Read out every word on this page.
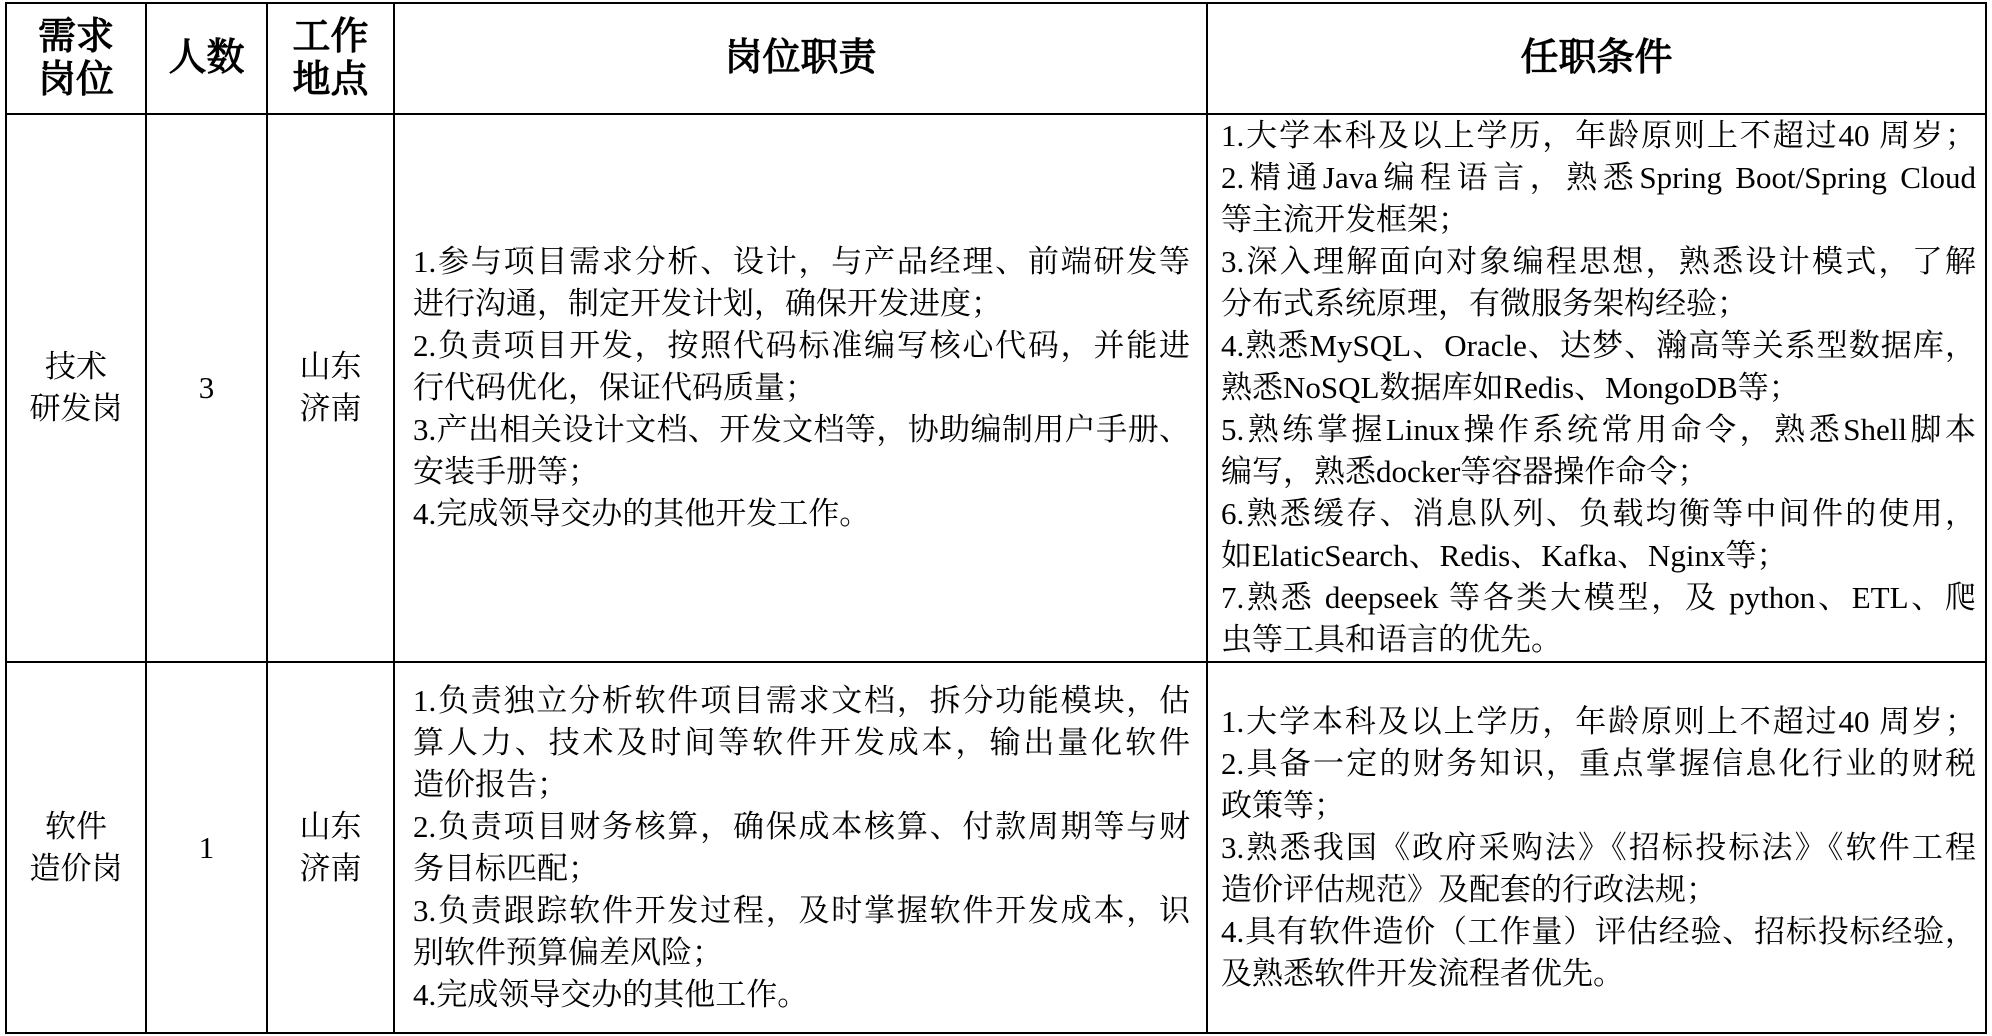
需求
岗位
人数
工作
地点
岗位职责	任职条件
技术
研发岗
3
山东
济南
1.参与项目需求分析、设计，与产品经理、前端研发等
进行沟通，制定开发计划，确保开发进度；
2.负责项目开发，按照代码标准编写核心代码，并能进
行代码优化，保证代码质量；
3.产出相关设计文档、开发文档等，协助编制用户手册、
安装手册等；
4.完成领导交办的其他开发工作。
1.大学本科及以上学历，年龄原则上不超过40 周岁；
2.精通Java编程语言，熟悉Spring Boot/Spring Cloud
等主流开发框架；
3.深入理解面向对象编程思想，熟悉设计模式，了解
分布式系统原理，有微服务架构经验；
4.熟悉MySQL、Oracle、达梦、瀚高等关系型数据库，
熟悉NoSQL数据库如Redis、MongoDB等；
5.熟练掌握Linux操作系统常用命令，熟悉Shell脚本
编写，熟悉docker等容器操作命令；
6.熟悉缓存、消息队列、负载均衡等中间件的使用，
如ElaticSearch、Redis、Kafka、Nginx等；
7.熟悉 deepseek 等各类大模型，及 python、ETL、爬
虫等工具和语言的优先。
软件
造价岗
1
山东
济南
1.负责独立分析软件项目需求文档，拆分功能模块，估
算人力、技术及时间等软件开发成本，输出量化软件
造价报告；
2.负责项目财务核算，确保成本核算、付款周期等与财
务目标匹配；
3.负责跟踪软件开发过程，及时掌握软件开发成本，识
别软件预算偏差风险；
4.完成领导交办的其他工作。
1.大学本科及以上学历，年龄原则上不超过40 周岁；
2.具备一定的财务知识，重点掌握信息化行业的财税
政策等；
3.熟悉我国《政府采购法》《招标投标法》《软件工程
造价评估规范》及配套的行政法规；
4.具有软件造价（工作量）评估经验、招标投标经验，
及熟悉软件开发流程者优先。
